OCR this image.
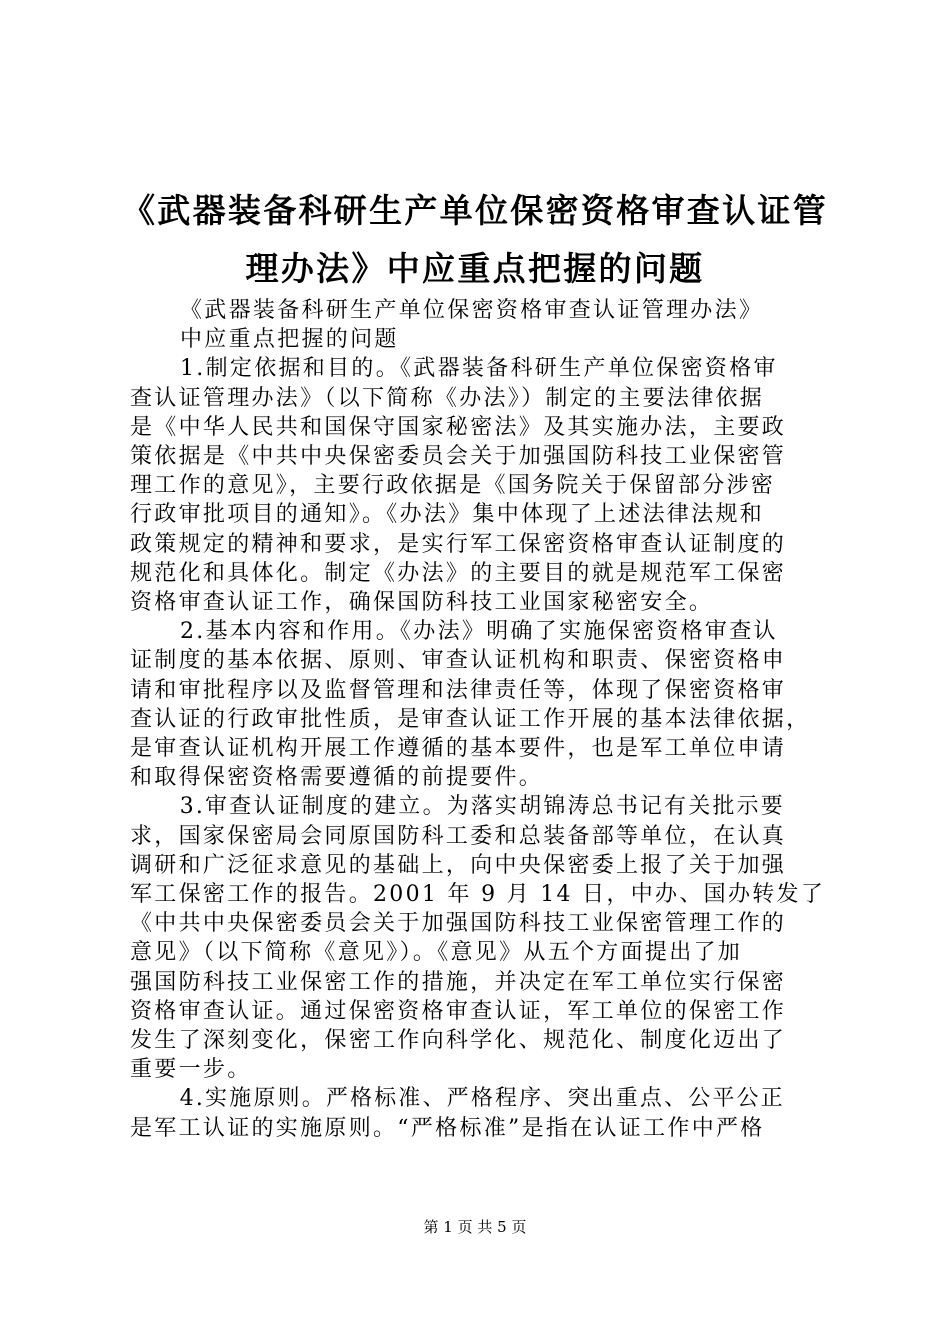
《武器装备科研生产单位保密资格审查认证管
理办法》中应重点把握的问题
《武器装备科研生产单位保密资格审查认证管理办法》
中应重点把握的问题
1.制定依据和目的。《武器装备科研生产单位保密资格审
查认证管理办法》（以下简称《办法》）制定的主要法律依据
是《中华人民共和国保守国家秘密法》及其实施办法，主要政
策依据是《中共中央保密委员会关于加强国防科技工业保密管
理工作的意见》，主要行政依据是《国务院关于保留部分涉密
行政审批项目的通知》。《办法》集中体现了上述法律法规和
政策规定的精神和要求，是实行军工保密资格审查认证制度的
规范化和具体化。制定《办法》的主要目的就是规范军工保密
资格审查认证工作，确保国防科技工业国家秘密安全。
2.基本内容和作用。《办法》明确了实施保密资格审查认
证制度的基本依据、原则、审查认证机构和职责、保密资格申
请和审批程序以及监督管理和法律责任等，体现了保密资格审
查认证的行政审批性质，是审查认证工作开展的基本法律依据，
是审查认证机构开展工作遵循的基本要件，也是军工单位申请
和取得保密资格需要遵循的前提要件。
3.审查认证制度的建立。为落实胡锦涛总书记有关批示要
求，国家保密局会同原国防科工委和总装备部等单位，在认真
调研和广泛征求意见的基础上，向中央保密委上报了关于加强
军工保密工作的报告。2001 年 9 月 14 日，中办、国办转发了
《中共中央保密委员会关于加强国防科技工业保密管理工作的
意见》（以下简称《意见》）。《意见》从五个方面提出了加
强国防科技工业保密工作的措施，并决定在军工单位实行保密
资格审查认证。通过保密资格审查认证，军工单位的保密工作
发生了深刻变化，保密工作向科学化、规范化、制度化迈出了
重要一步。
4.实施原则。严格标准、严格程序、突出重点、公平公正
是军工认证的实施原则。“严格标准”是指在认证工作中严格
第 1 页 共 5 页
